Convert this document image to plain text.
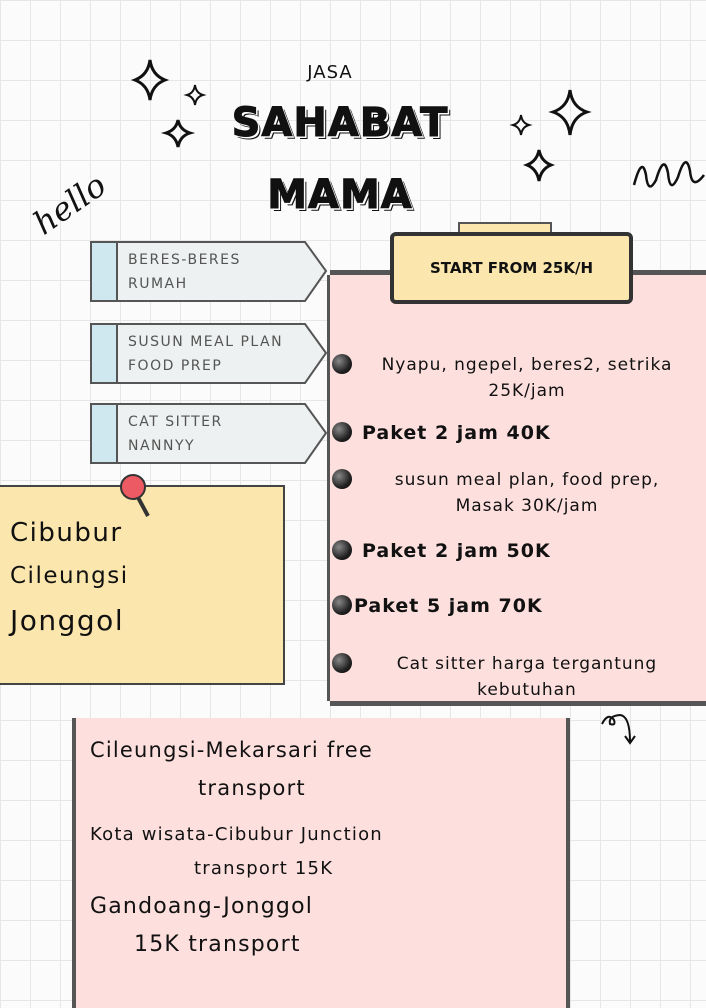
hello
JASA
SAHABAT
MAMA
BERES-BERES
RUMAH
SUSUN MEAL PLAN
FOOD PREP
CAT SITTER
NANNYY
START FROM 25K/H
Nyapu, ngepel, beres2, setrika
25K/jam
Paket 2 jam 40K
susun meal plan, food prep,
Masak 30K/jam
Paket 2 jam 50K
Paket 5 jam 70K
Cat sitter harga tergantung
kebutuhan
Cibubur
Cileungsi
Jonggol
Cileungsi-Mekarsari free
transport
Kota wisata-Cibubur Junction
transport 15K
Gandoang-Jonggol
15K transport
